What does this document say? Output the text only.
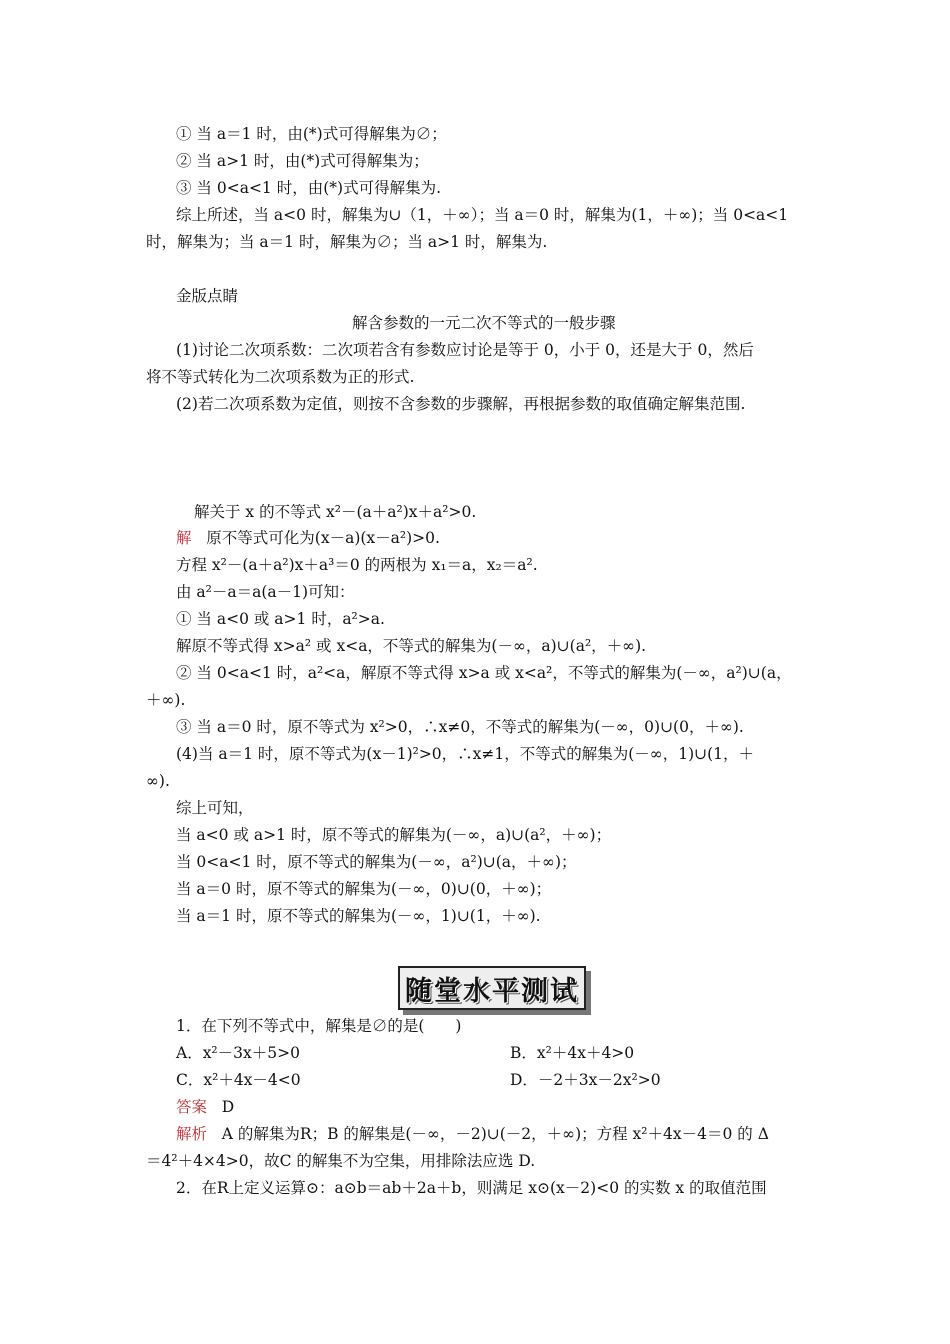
① 当 a＝1 时，由(*)式可得解集为∅；
② 当 a>1 时，由(*)式可得解集为；
③ 当 0<a<1 时，由(*)式可得解集为.
综上所述，当 a<0 时，解集为∪（1，＋∞）；当 a＝0 时，解集为(1，＋∞)；当 0<a<1
时，解集为；当 a＝1 时，解集为∅；当 a>1 时，解集为.
金版点睛
解含参数的一元二次不等式的一般步骤
(1)讨论二次项系数：二次项若含有参数应讨论是等于 0，小于 0，还是大于 0，然后
将不等式转化为二次项系数为正的形式.
(2)若二次项系数为定值，则按不含参数的步骤解，再根据参数的取值确定解集范围.
解关于 x 的不等式 x²－(a＋a²)x＋a²>0.
解 原不等式可化为(x－a)(x－a²)>0.
方程 x²－(a＋a²)x＋a³＝0 的两根为 x₁＝a，x₂＝a².
由 a²－a＝a(a－1)可知：
① 当 a<0 或 a>1 时，a²>a.
解原不等式得 x>a² 或 x<a，不等式的解集为(－∞，a)∪(a²，＋∞).
② 当 0<a<1 时，a²<a，解原不等式得 x>a 或 x<a²，不等式的解集为(－∞，a²)∪(a，
＋∞).
③ 当 a＝0 时，原不等式为 x²>0，∴x≠0，不等式的解集为(－∞，0)∪(0，＋∞).
(4)当 a＝1 时，原不等式为(x－1)²>0，∴x≠1，不等式的解集为(－∞，1)∪(1，＋
∞).
综上可知，
当 a<0 或 a>1 时，原不等式的解集为(－∞，a)∪(a²，＋∞)；
当 0<a<1 时，原不等式的解集为(－∞，a²)∪(a，＋∞)；
当 a＝0 时，原不等式的解集为(－∞，0)∪(0，＋∞)；
当 a＝1 时，原不等式的解集为(－∞，1)∪(1，＋∞).
随堂水平测试
1．在下列不等式中，解集是∅的是(　　)
A．x²－3x＋5>0	B．x²＋4x＋4>0
C．x²＋4x－4<0	D．－2＋3x－2x²>0
答案 D
解析 A 的解集为R；B 的解集是(－∞，－2)∪(－2，＋∞)；方程 x²＋4x－4＝0 的 Δ
＝4²＋4×4>0，故C 的解集不为空集，用排除法应选 D.
2．在R上定义运算⊙：a⊙b＝ab＋2a＋b，则满足 x⊙(x－2)<0 的实数 x 的取值范围
